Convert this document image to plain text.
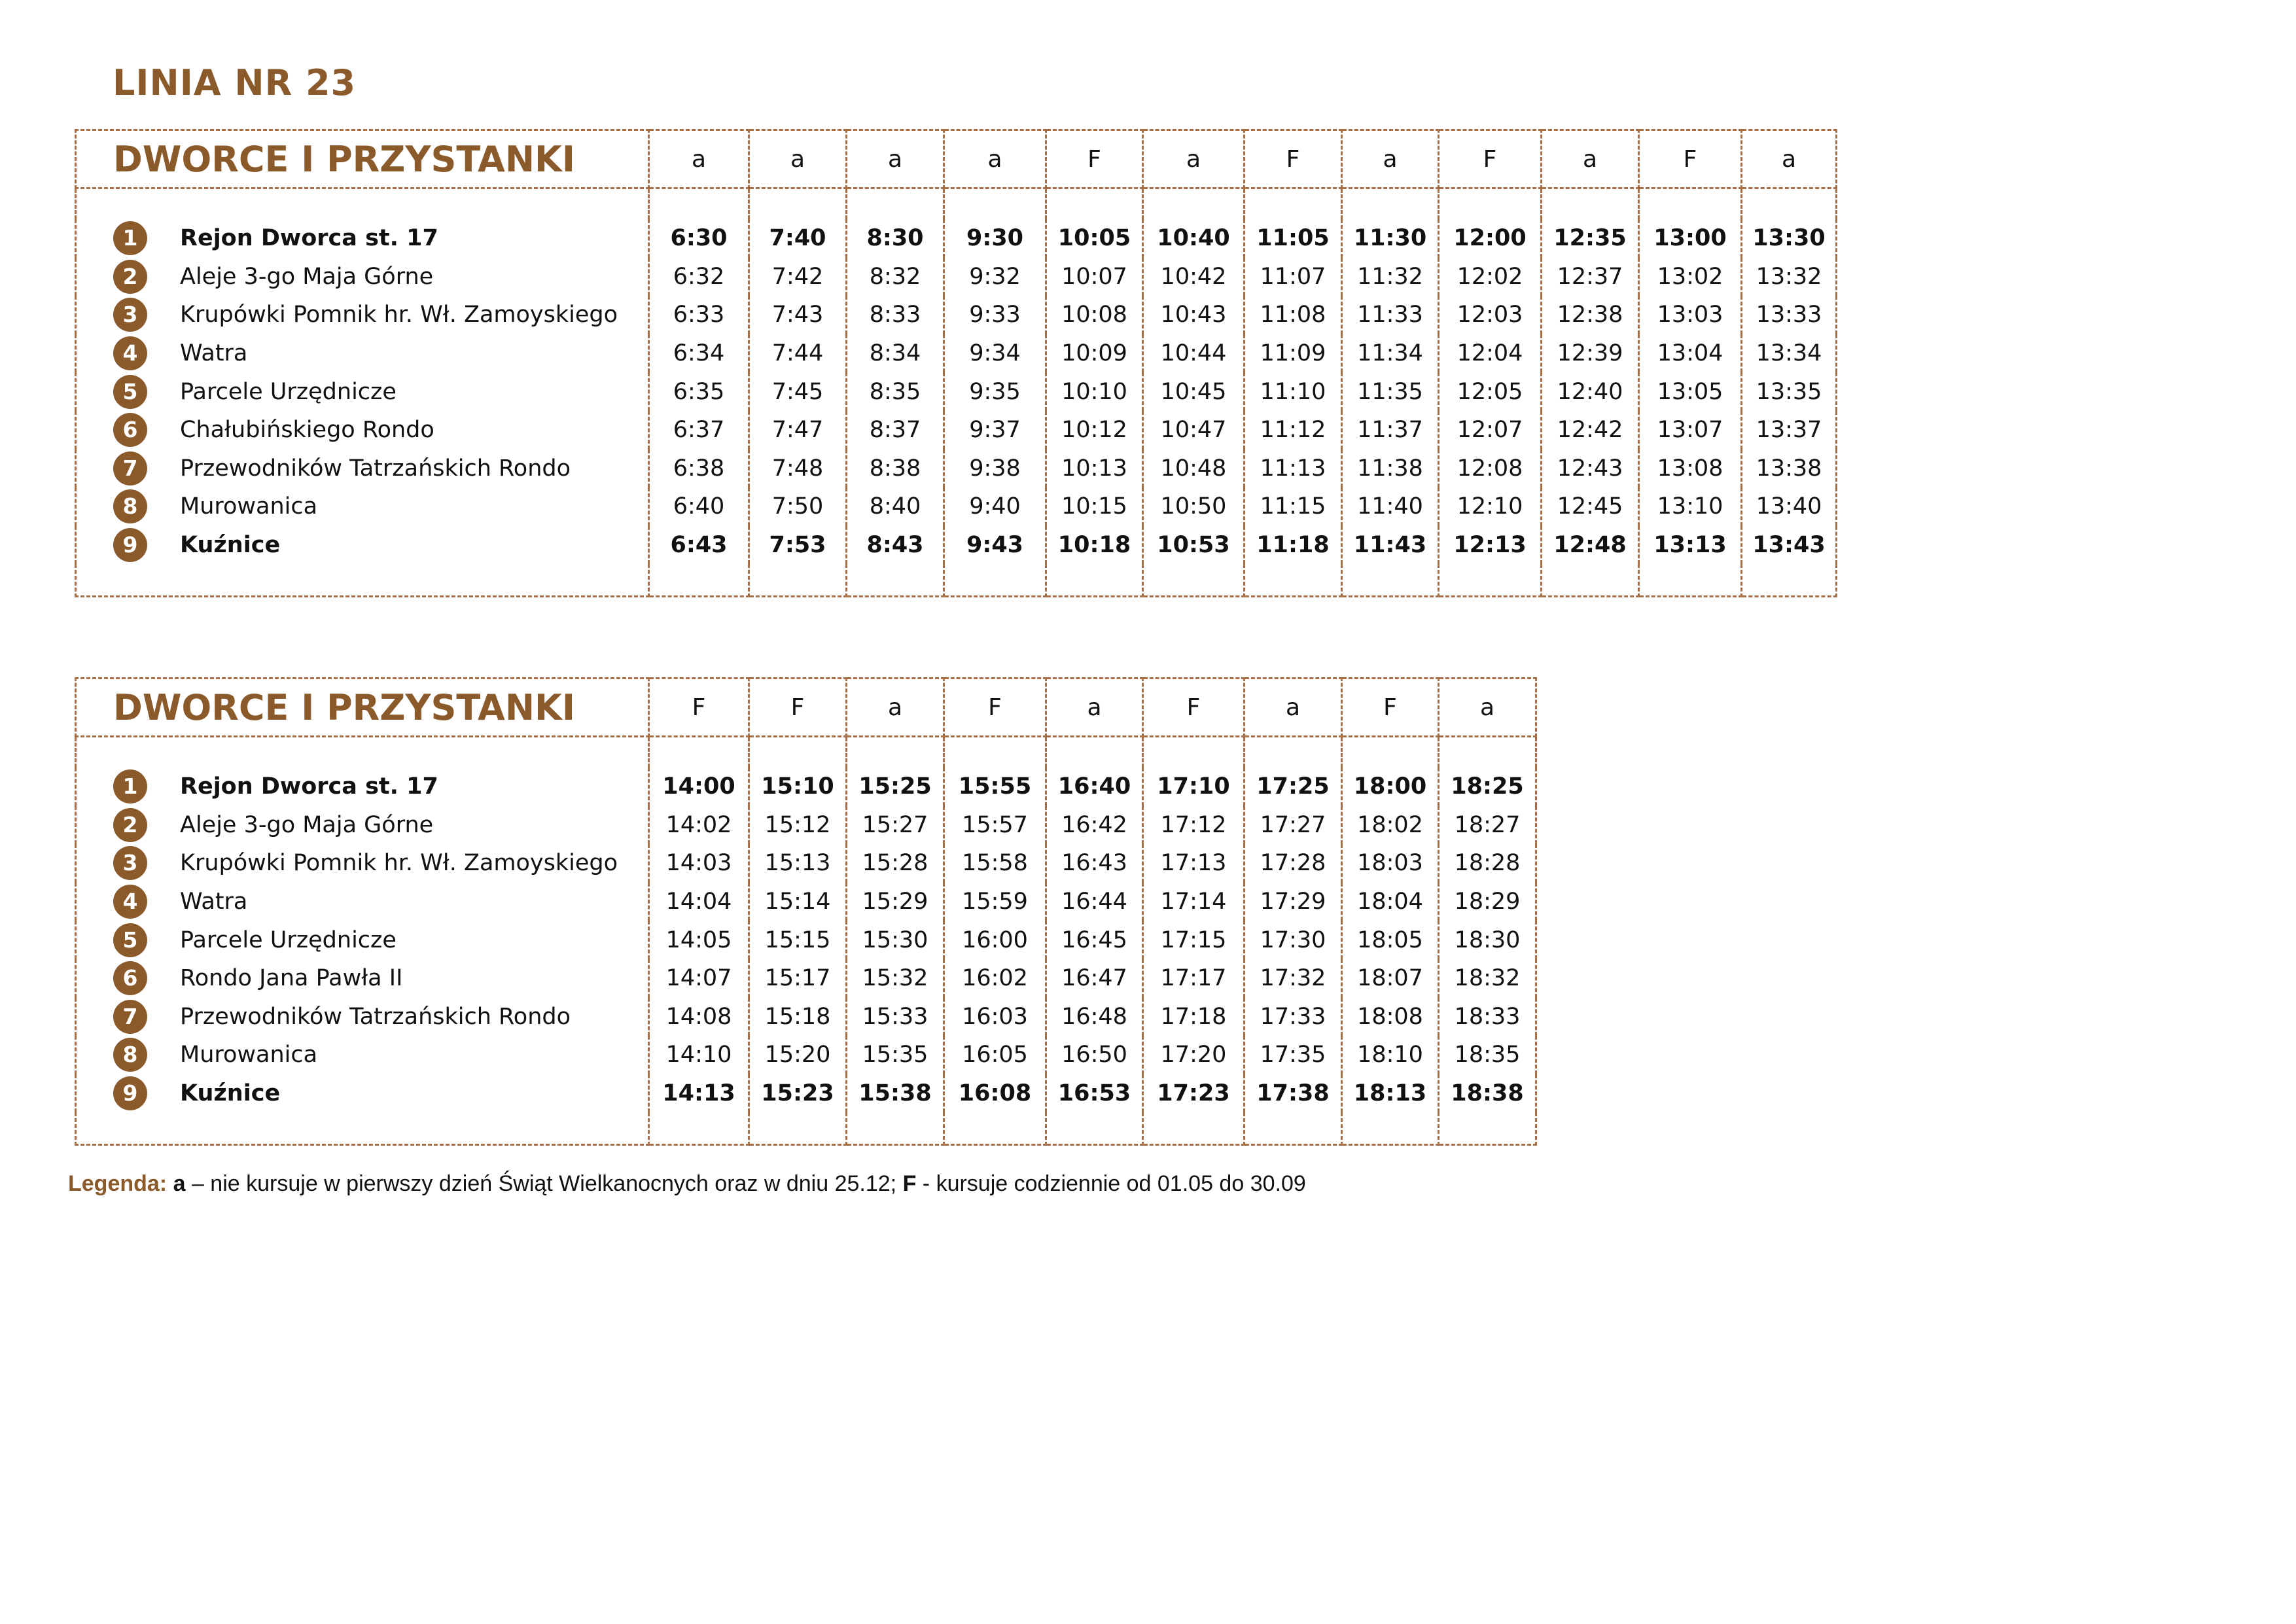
LINIA NR 23
DWORCE I PRZYSTANKI	a	a	a	a	F	a	F	a	F	a	F	a

1 Rejon Dworca st. 17	6:30	7:40	8:30	9:30	10:05	10:40	11:05	11:30	12:00	12:35	13:00	13:30
2 Aleje 3-go Maja Górne	6:32	7:42	8:32	9:32	10:07	10:42	11:07	11:32	12:02	12:37	13:02	13:32
3 Krupówki Pomnik hr. Wł. Zamoyskiego	6:33	7:43	8:33	9:33	10:08	10:43	11:08	11:33	12:03	12:38	13:03	13:33
4 Watra	6:34	7:44	8:34	9:34	10:09	10:44	11:09	11:34	12:04	12:39	13:04	13:34
5 Parcele Urzędnicze	6:35	7:45	8:35	9:35	10:10	10:45	11:10	11:35	12:05	12:40	13:05	13:35
6 Chałubińskiego Rondo	6:37	7:47	8:37	9:37	10:12	10:47	11:12	11:37	12:07	12:42	13:07	13:37
7 Przewodników Tatrzańskich Rondo	6:38	7:48	8:38	9:38	10:13	10:48	11:13	11:38	12:08	12:43	13:08	13:38
8 Murowanica	6:40	7:50	8:40	9:40	10:15	10:50	11:15	11:40	12:10	12:45	13:10	13:40
9 Kuźnice	6:43	7:53	8:43	9:43	10:18	10:53	11:18	11:43	12:13	12:48	13:13	13:43

DWORCE I PRZYSTANKI	F	F	a	F	a	F	a	F	a

1 Rejon Dworca st. 17	14:00	15:10	15:25	15:55	16:40	17:10	17:25	18:00	18:25
2 Aleje 3-go Maja Górne	14:02	15:12	15:27	15:57	16:42	17:12	17:27	18:02	18:27
3 Krupówki Pomnik hr. Wł. Zamoyskiego	14:03	15:13	15:28	15:58	16:43	17:13	17:28	18:03	18:28
4 Watra	14:04	15:14	15:29	15:59	16:44	17:14	17:29	18:04	18:29
5 Parcele Urzędnicze	14:05	15:15	15:30	16:00	16:45	17:15	17:30	18:05	18:30
6 Rondo Jana Pawła II	14:07	15:17	15:32	16:02	16:47	17:17	17:32	18:07	18:32
7 Przewodników Tatrzańskich Rondo	14:08	15:18	15:33	16:03	16:48	17:18	17:33	18:08	18:33
8 Murowanica	14:10	15:20	15:35	16:05	16:50	17:20	17:35	18:10	18:35
9 Kuźnice	14:13	15:23	15:38	16:08	16:53	17:23	17:38	18:13	18:38

Legenda: a – nie kursuje w pierwszy dzień Świąt Wielkanocnych oraz w dniu 25.12; F - kursuje codziennie od 01.05 do 30.09
